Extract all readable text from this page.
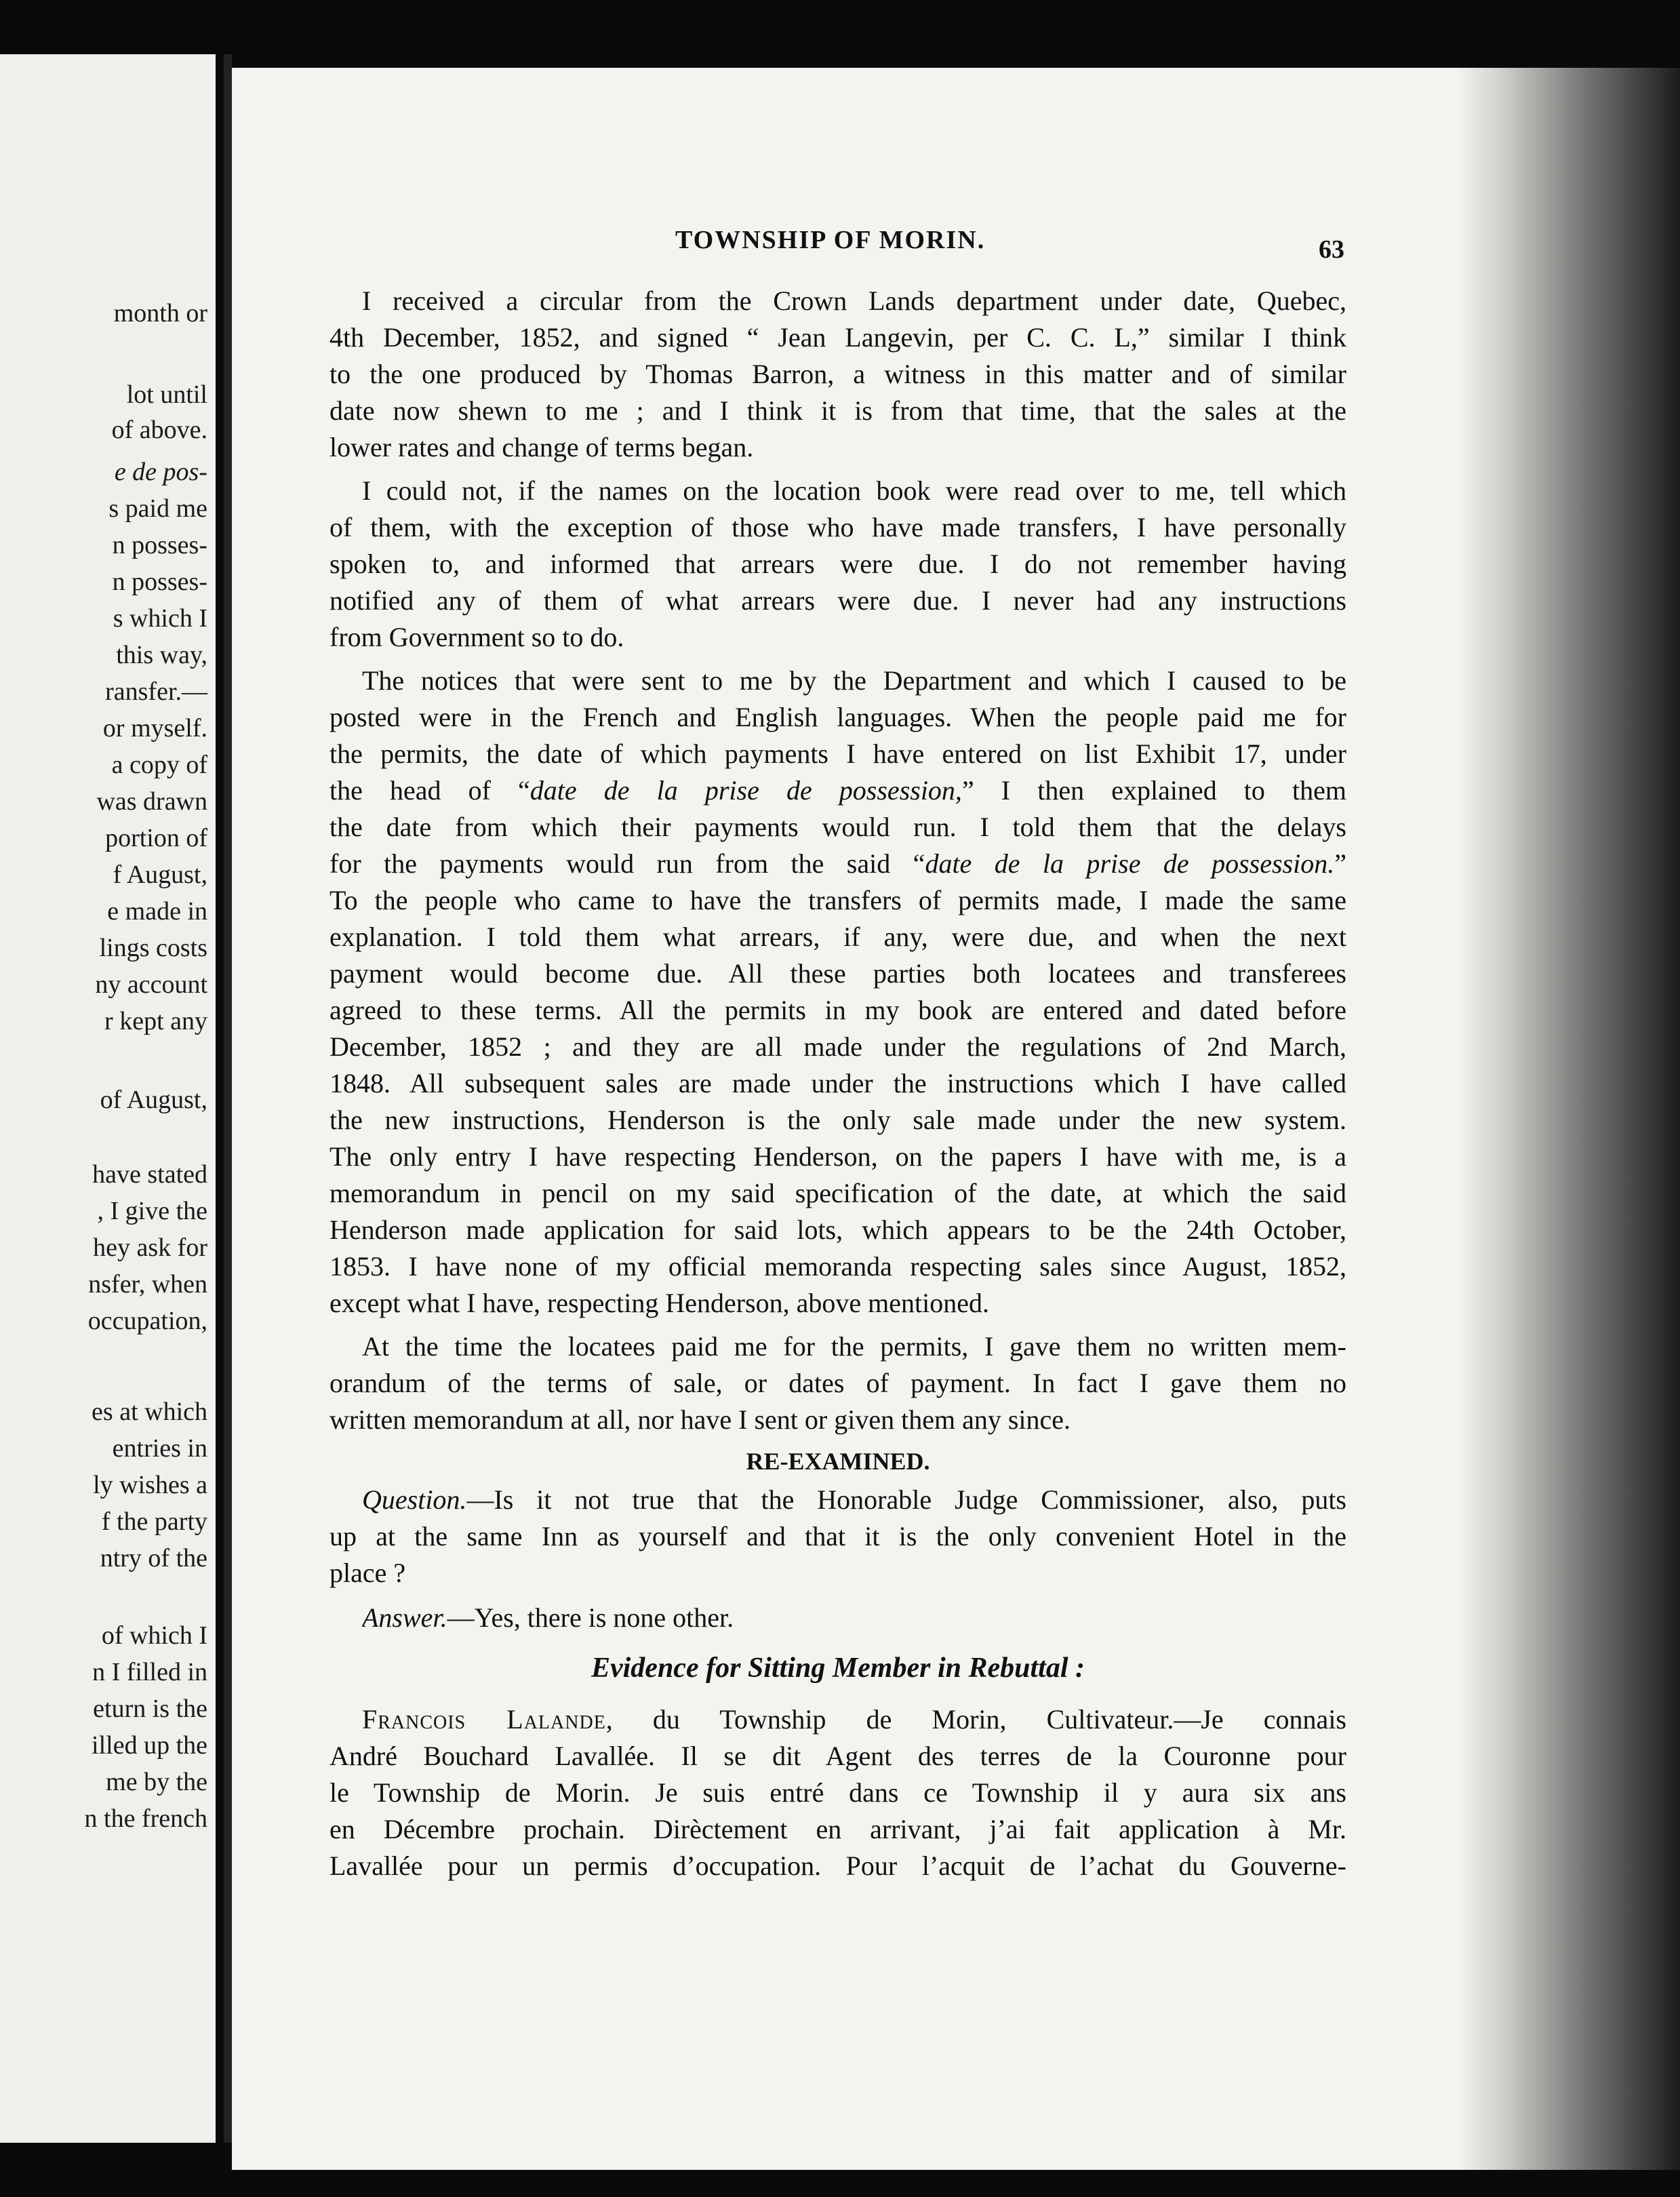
month or
lot until
of above.
e de pos-
s paid me
n posses-
n posses-
s which I
this way,
ransfer.—
or myself.
a copy of
was drawn
portion of
f August,
e made in
lings costs
ny account
r kept any
of August,
have stated
, I give the
hey ask for
nsfer, when
occupation,
es at which
entries in
ly wishes a
f the party
ntry of the
of which I
n I filled in
eturn is the
illed up the
me by the
n the french
TOWNSHIP OF MORIN.	63
I received a circular from the Crown Lands department under date, Quebec,
4th December, 1852, and signed “ Jean Langevin, per C. C. L,” similar I think
to the one produced by Thomas Barron, a witness in this matter and of similar
date now shewn to me ; and I think it is from that time, that the sales at the
lower rates and change of terms began.
I could not, if the names on the location book were read over to me, tell which
of them, with the exception of those who have made transfers, I have personally
spoken to, and informed that arrears were due. I do not remember having
notified any of them of what arrears were due. I never had any instructions
from Government so to do.
The notices that were sent to me by the Department and which I caused to be
posted were in the French and English languages. When the people paid me for
the permits, the date of which payments I have entered on list Exhibit 17, under
the head of “date de la prise de possession,” I then explained to them
the date from which their payments would run. I told them that the delays
for the payments would run from the said “date de la prise de possession.”
To the people who came to have the transfers of permits made, I made the same
explanation. I told them what arrears, if any, were due, and when the next
payment would become due. All these parties both locatees and transferees
agreed to these terms. All the permits in my book are entered and dated before
December, 1852 ; and they are all made under the regulations of 2nd March,
1848. All subsequent sales are made under the instructions which I have called
the new instructions, Henderson is the only sale made under the new system.
The only entry I have respecting Henderson, on the papers I have with me, is a
memorandum in pencil on my said specification of the date, at which the said
Henderson made application for said lots, which appears to be the 24th October,
1853. I have none of my official memoranda respecting sales since August, 1852,
except what I have, respecting Henderson, above mentioned.
At the time the locatees paid me for the permits, I gave them no written mem-
orandum of the terms of sale, or dates of payment. In fact I gave them no
written memorandum at all, nor have I sent or given them any since.
RE-EXAMINED.
Question.—Is it not true that the Honorable Judge Commissioner, also, puts
up at the same Inn as yourself and that it is the only convenient Hotel in the
place ?
Answer.—Yes, there is none other.
Evidence for Sitting Member in Rebuttal :
Francois Lalande, du Township de Morin, Cultivateur.—Je connais
André Bouchard Lavallée. Il se dit Agent des terres de la Couronne pour
le Township de Morin. Je suis entré dans ce Township il y aura six ans
en Décembre prochain. Dirèctement en arrivant, j’ai fait application à Mr.
Lavallée pour un permis d’occupation. Pour l’acquit de l’achat du Gouverne-
